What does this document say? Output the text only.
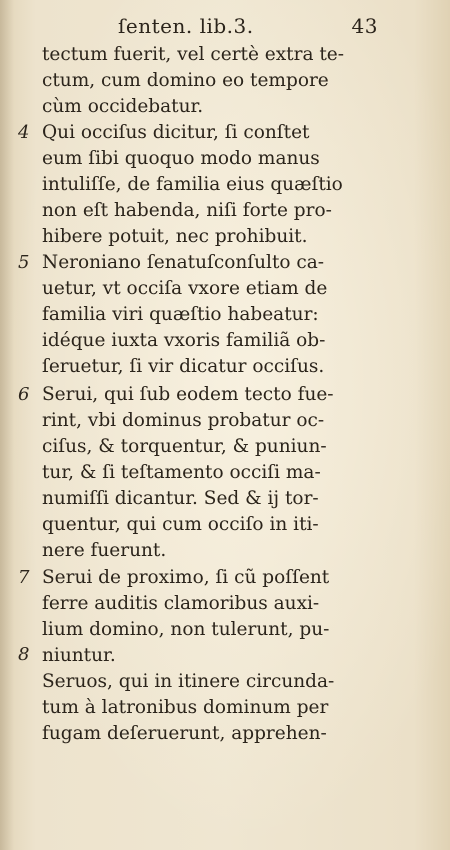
ſenten. lib.3.	43
4
5
6
7
8
tectum fuerit, vel certè extra te-
ctum, cum domino eo tempore
cùm occidebatur.
Qui occiſus dicitur, ſi conſtet
eum ſibi quoquo modo manus
intuliſſe, de familia eius quæſtio
non eſt habenda, niſi forte pro-
hibere potuit, nec prohibuit.
Neroniano ſenatuſconſulto ca-
uetur, vt occiſa vxore etiam de
familia viri quæſtio habeatur:
idéque iuxta vxoris familiã ob-
ſeruetur, ſi vir dicatur occiſus.
Serui, qui ſub eodem tecto fue-
rint, vbi dominus probatur oc-
ciſus, & torquentur, & puniun-
tur, & ſi teſtamento occiſi ma-
numiſſi dicantur. Sed & ij tor-
quentur, qui cum occiſo in iti-
nere fuerunt.
Serui de proximo, ſi cũ poſſent
ferre auditis clamoribus auxi-
lium domino, non tulerunt, pu-
niuntur.
Seruos, qui in itinere circunda-
tum à latronibus dominum per
fugam deſeruerunt, apprehen-
